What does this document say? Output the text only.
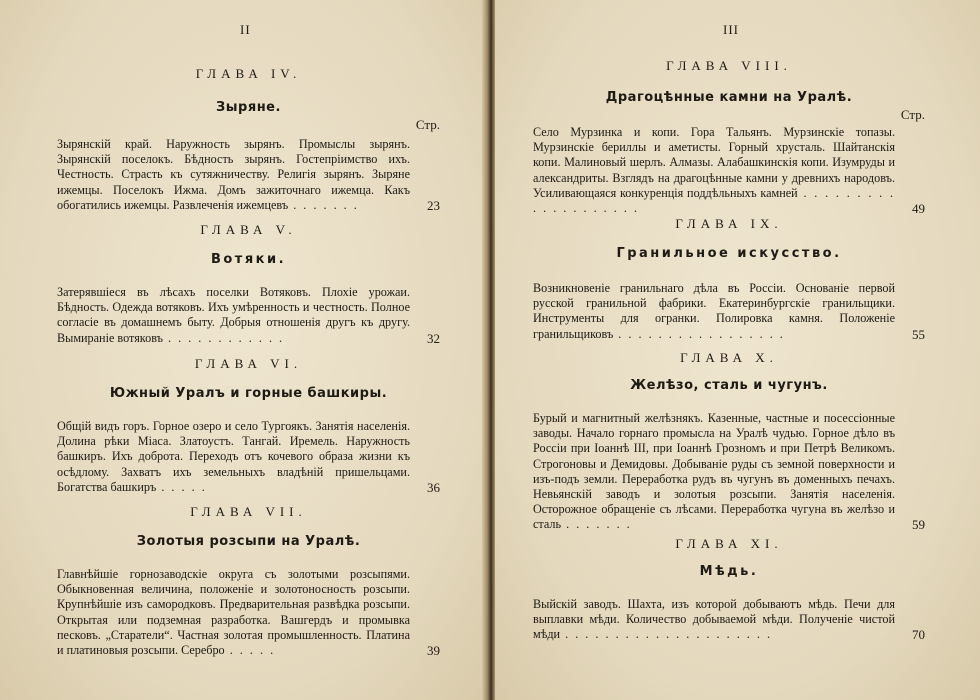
II

ГЛАВА IV.

Зыряне.

Стр.

Зырянскій край. Наружность зырянъ. Промыслы зырянъ. Зырянскій поселокъ. Бѣдность зырянъ. Гостепріимство ихъ. Честность. Страсть къ сутяжничеству. Религія зырянъ. Зыряне ижемцы. Поселокъ Ижма. Домъ зажиточнаго ижемца. Какъ обогатились ижемцы. Развлеченія ижемцевъ . . . . . . .	23

ГЛАВА V.

Вотяки.

Затерявшіеся въ лѣсахъ поселки Вотяковъ. Плохіе урожаи. Бѣдность. Одежда вотяковъ. Ихъ умѣренность и честность. Полное согласіе въ домашнемъ быту. Добрыя отношенія другъ къ другу. Вымираніе вотяковъ . . . . . . . . . . . .	32

ГЛАВА VI.

Южный Уралъ и горные башкиры.

Общій видъ горъ. Горное озеро и село Тургоякъ. Занятія населенія. Долина рѣки Міаса. Златоустъ. Тангай. Иремель. Наружность башкиръ. Ихъ доброта. Переходъ отъ кочевого образа жизни къ осѣдлому. Захватъ ихъ земельныхъ владѣній пришельцами. Богатства башкиръ . . . . .	36

ГЛАВА VII.

Золотыя розсыпи на Уралѣ.

Главнѣйшіе горнозаводскіе округа съ золотыми розсыпями. Обыкновенная величина, положеніе и золотоносность розсыпи. Крупнѣйшіе изъ самородковъ. Предварительная развѣдка розсыпи. Открытая или подземная разработка. Вашгердъ и промывка песковъ. „Старатели“. Частная золотая промышленность. Платина и платиновыя розсыпи. Серебро . . . . .	39
III

ГЛАВА VIII.

Драгоцѣнные камни на Уралѣ.

Стр.

Село Мурзинка и копи. Гора Тальянъ. Мурзинскіе топазы. Мурзинскіе бериллы и аметисты. Горный хрусталь. Шайтанскія копи. Малиновый шерлъ. Алмазы. Алабашкинскія копи. Изумруды и александриты. Взглядъ на драгоцѣнные камни у древнихъ народовъ. Усиливающаяся конкуренція поддѣльныхъ камней . . . . . . . . . . . . . . . . . . . .	49

ГЛАВА IX.

Гранильное искусство.

Возникновеніе гранильнаго дѣла въ Россіи. Основаніе первой русской гранильной фабрики. Екатеринбургскіе гранильщики. Инструменты для огранки. Полировка камня. Положеніе гранильщиковъ . . . . . . . . . . . . . . . . .	55

ГЛАВА X.

Желѣзо, сталь и чугунъ.

Бурый и магнитный желѣзнякъ. Казенные, частные и посессіонные заводы. Начало горнаго промысла на Уралѣ чудью. Горное дѣло въ Россіи при Іоаннѣ III, при Іоаннѣ Грозномъ и при Петрѣ Великомъ. Строгоновы и Демидовы. Добываніе руды съ земной поверхности и изъ-подъ земли. Переработка рудъ въ чугунъ въ доменныхъ печахъ. Невьянскій заводъ и золотыя розсыпи. Занятія населенія. Осторожное обращеніе съ лѣсами. Переработка чугуна въ желѣзо и сталь . . . . . . .	59

ГЛАВА XI.

Мѣдь.

Выйскій заводъ. Шахта, изъ которой добываютъ мѣдь. Печи для выплавки мѣди. Количество добываемой мѣди. Полученіе чистой мѣди . . . . . . . . . . . . . . . . . . . . .	70
